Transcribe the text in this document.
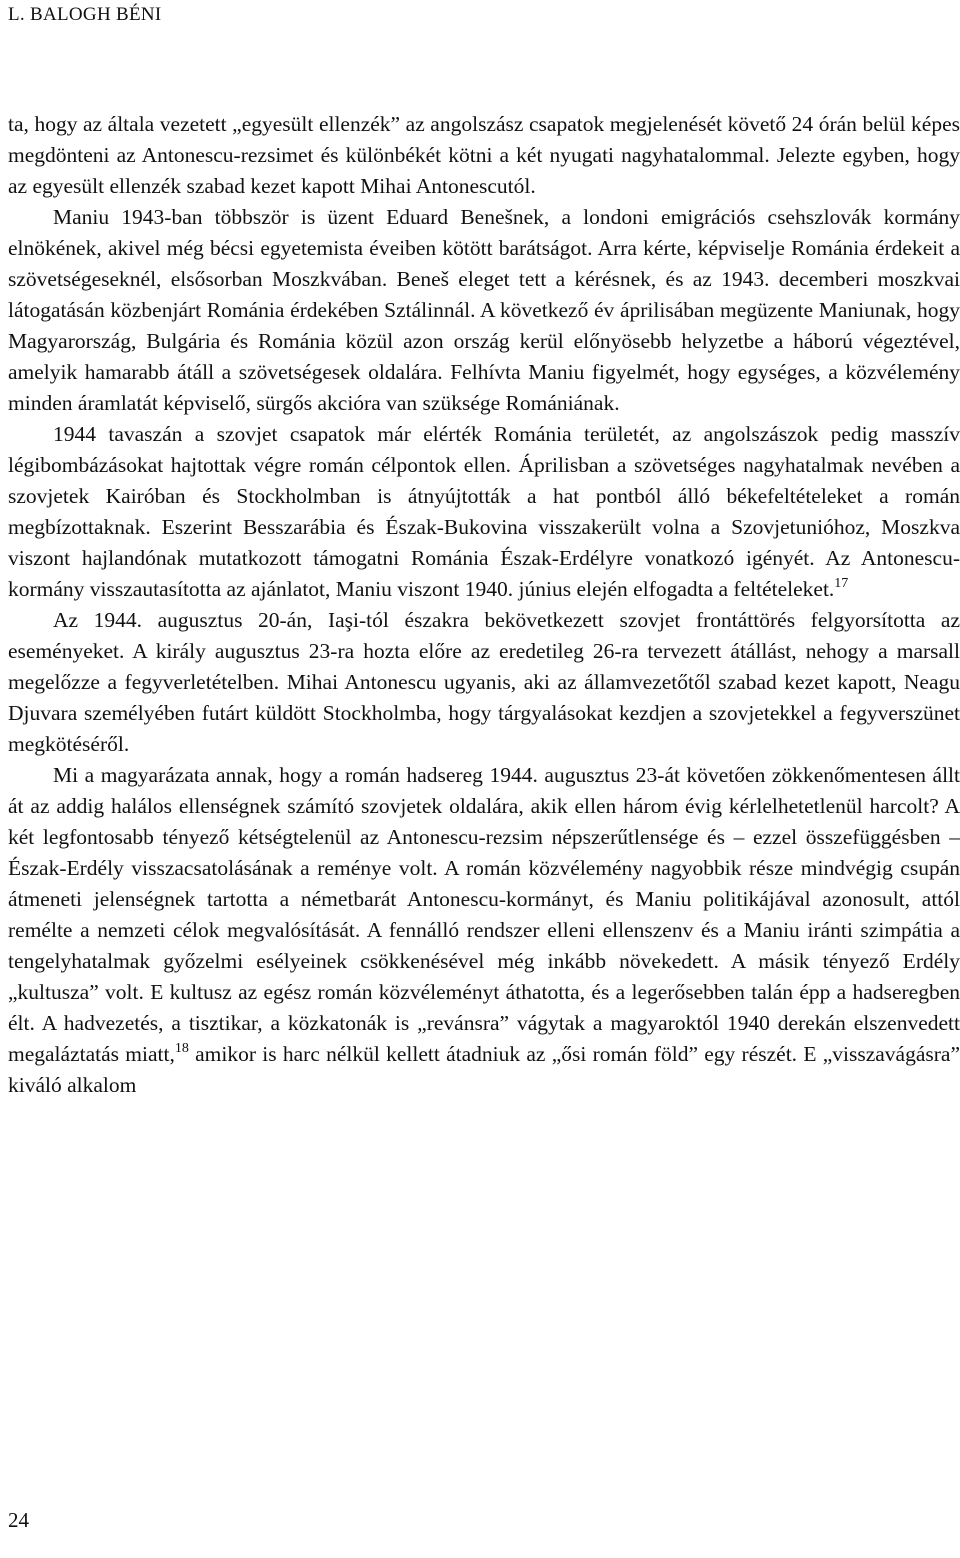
L. BALOGH BÉNI

ta, hogy az általa vezetett „egyesült ellenzék” az angolszász csapatok megjelenését követő 24 órán belül képes megdönteni az Antonescu-rezsimet és különbékét kötni a két nyugati nagyhatalommal. Jelezte egyben, hogy az egyesült ellenzék szabad kezet kapott Mihai Antonescutól.

Maniu 1943-ban többször is üzent Eduard Benešnek, a londoni emigrációs csehszlovák kormány elnökének, akivel még bécsi egyetemista éveiben kötött barátságot. Arra kérte, képviselje Románia érdekeit a szövetségeseknél, elsősorban Moszkvában. Beneš eleget tett a kérésnek, és az 1943. decemberi moszkvai látogatásán közbenjárt Románia érdekében Sztálinnál. A következő év áprilisában megüzente Maniunak, hogy Magyarország, Bulgária és Románia közül azon ország kerül előnyösebb helyzetbe a háború végeztével, amelyik hamarabb átáll a szövetségesek oldalára. Felhívta Maniu figyelmét, hogy egységes, a közvélemény minden áramlatát képviselő, sürgős akcióra van szüksége Romániának.

1944 tavaszán a szovjet csapatok már elérték Románia területét, az angolszászok pedig masszív légibombázásokat hajtottak végre román célpontok ellen. Áprilisban a szövetséges nagyhatalmak nevében a szovjetek Kairóban és Stockholmban is átnyújtották a hat pontból álló békefeltételeket a román megbízottaknak. Eszerint Besszarábia és Észak-Bukovina visszakerült volna a Szovjetunióhoz, Moszkva viszont hajlandónak mutatkozott támogatni Románia Észak-Erdélyre vonatkozó igényét. Az Antonescu-kormány visszautasította az ajánlatot, Maniu viszont 1940. június elején elfogadta a feltételeket.$^{17}$

Az 1944. augusztus 20-án, Iaşi-tól északra bekövetkezett szovjet frontáttörés felgyorsította az eseményeket. A király augusztus 23-ra hozta előre az eredetileg 26-ra tervezett átállást, nehogy a marsall megelőzze a fegyverletételben. Mihai Antonescu ugyanis, aki az államvezetőtől szabad kezet kapott, Neagu Djuvara személyében futárt küldött Stockholmba, hogy tárgyalásokat kezdjen a szovjetekkel a fegyverszünet megkötéséről.

Mi a magyarázata annak, hogy a román hadsereg 1944. augusztus 23-át követően zökkenőmentesen állt át az addig halálos ellenségnek számító szovjetek oldalára, akik ellen három évig kérlelhetetlenül harcolt? A két legfontosabb tényező kétségtelenül az Antonescu-rezsim népszerűtlensége és – ezzel összefüggésben – Észak-Erdély visszacsatolásának a reménye volt. A román közvélemény nagyobbik része mindvégig csupán átmeneti jelenségnek tartotta a németbarát Antonescu-kormányt, és Maniu politikájával azonosult, attól remélte a nemzeti célok megvalósítását. A fennálló rendszer elleni ellenszenv és a Maniu iránti szimpátia a tengelyhatalmak győzelmi esélyeinek csökkenésével még inkább növekedett. A másik tényező Erdély „kultusza” volt. E kultusz az egész román közvéleményt áthatotta, és a legerősebben talán épp a hadseregben élt. A hadvezetés, a tisztikar, a közkatonák is „revánsra” vágytak a magyaroktól 1940 derekán elszenvedett megaláztatás miatt,$^{18}$ amikor is harc nélkül kellett átadniuk az „ősi román föld” egy részét. E „visszavágásra” kiváló alkalom

24
